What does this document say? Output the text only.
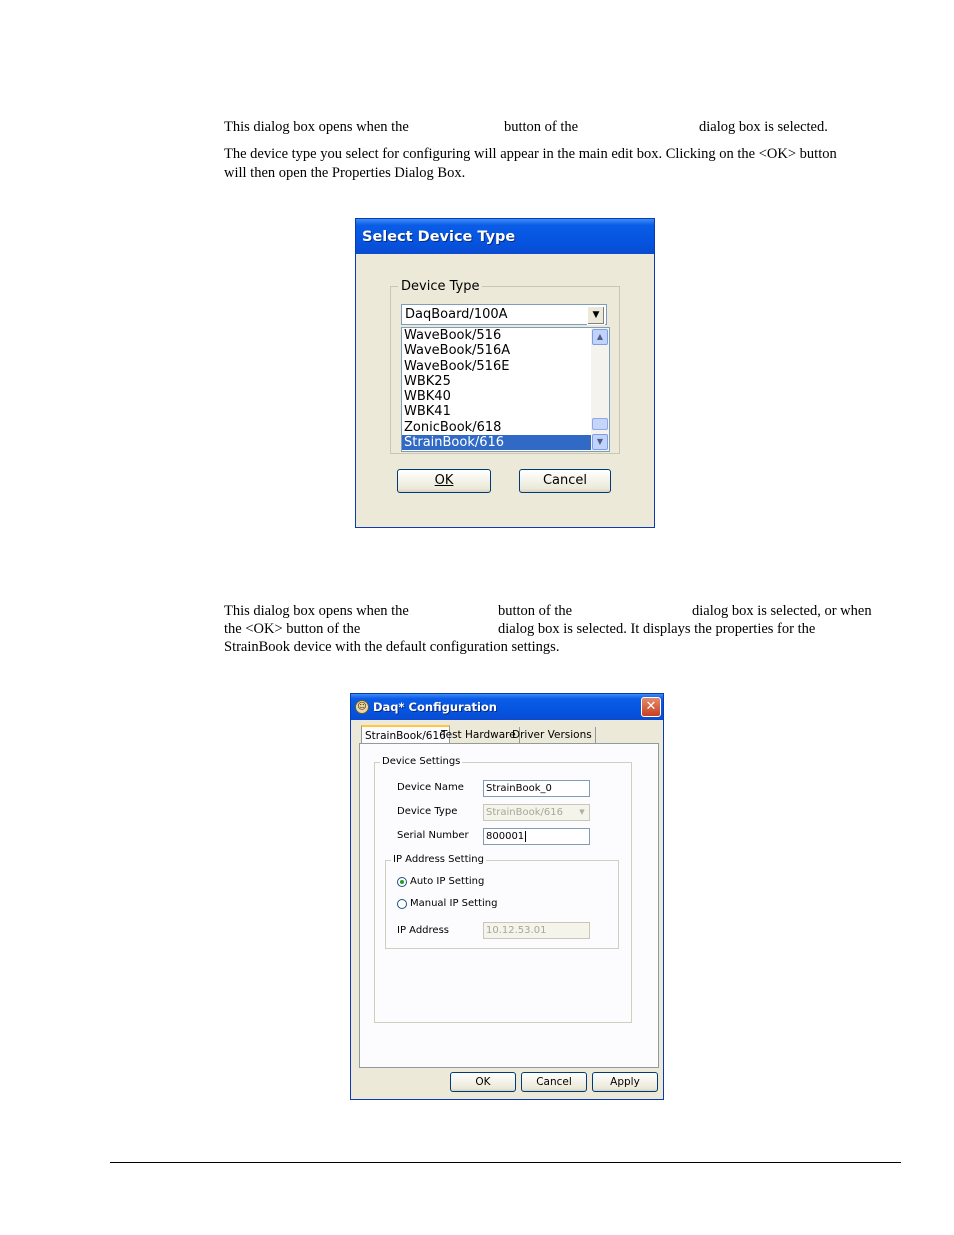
This dialog box opens when the	button of the	dialog box is selected.

The device type you select for configuring will appear in the main edit box. Clicking on the <OK> button

will then open the Properties Dialog Box.

Select Device Type
Device Type
DaqBoard/100A	▼
WaveBook/516
WaveBook/516A
WaveBook/516E
WBK25
WBK40
WBK41
ZonicBook/618
StrainBook/616
▲
▼
OK	Cancel

This dialog box opens when the	button of the	dialog box is selected, or when

the <OK> button of the	dialog box is selected. It displays the properties for the

StrainBook device with the default configuration settings.

☺ Daq* Configuration	✕
StrainBook/616
Test Hardware
Driver Versions
Device Settings
Device Name	StrainBook_0
Device Type	StrainBook/616	▼
Serial Number	800001
IP Address Setting
Auto IP Setting
Manual IP Setting
IP Address	10.12.53.01
OK	Cancel	Apply
